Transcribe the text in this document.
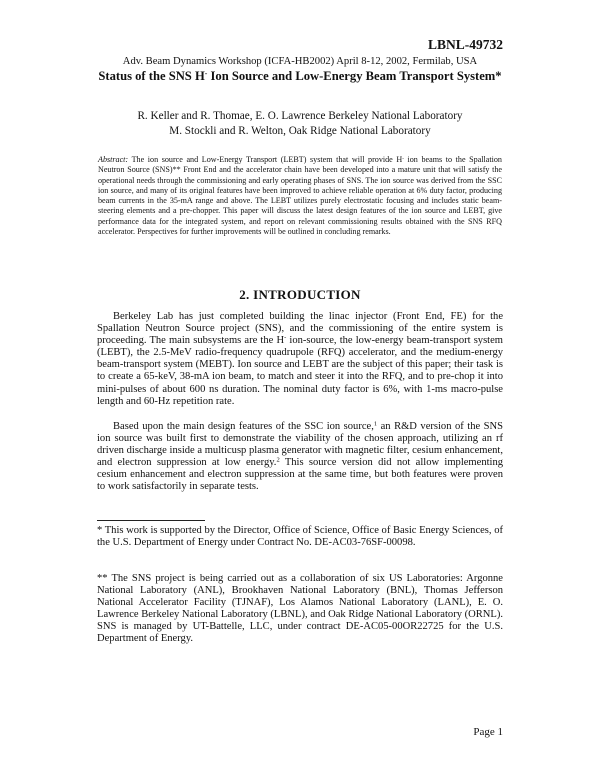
LBNL-49732
Adv. Beam Dynamics Workshop (ICFA-HB2002) April 8-12, 2002, Fermilab, USA
Status of the SNS H- Ion Source and Low-Energy Beam Transport System*
R. Keller and R. Thomae, E. O. Lawrence Berkeley National Laboratory
M. Stockli and R. Welton, Oak Ridge National Laboratory
Abstract: The ion source and Low-Energy Transport (LEBT) system that will provide H- ion beams to the Spallation Neutron Source (SNS)** Front End and the accelerator chain have been developed into a mature unit that will satisfy the operational needs through the commissioning and early operating phases of SNS. The ion source was derived from the SSC ion source, and many of its original features have been improved to achieve reliable operation at 6% duty factor, producing beam currents in the 35-mA range and above. The LEBT utilizes purely electrostatic focusing and includes static beam-steering elements and a pre-chopper. This paper will discuss the latest design features of the ion source and LEBT, give performance data for the integrated system, and report on relevant commissioning results obtained with the SNS RFQ accelerator. Perspectives for further improvements will be outlined in concluding remarks.
2. INTRODUCTION

Berkeley Lab has just completed building the linac injector (Front End, FE) for the Spallation Neutron Source project (SNS), and the commissioning of the entire system is proceeding. The main subsystems are the H- ion-source, the low-energy beam-transport system (LEBT), the 2.5-MeV radio-frequency quadrupole (RFQ) accelerator, and the medium-energy beam-transport system (MEBT). Ion source and LEBT are the subject of this paper; their task is to create a 65-keV, 38-mA ion beam, to match and steer it into the RFQ, and to pre-chop it into mini-pulses of about 600 ns duration. The nominal duty factor is 6%, with 1-ms macro-pulse length and 60-Hz repetition rate.

Based upon the main design features of the SSC ion source,$^1$ an R&D version of the SNS ion source was built first to demonstrate the viability of the chosen approach, utilizing an rf driven discharge inside a multicusp plasma generator with magnetic filter, cesium enhancement, and electron suppression at low energy.$^2$ This source version did not allow implementing cesium enhancement and electron suppression at the same time, but both features were proven to work satisfactorily in separate tests.

* This work is supported by the Director, Office of Science, Office of Basic Energy Sciences, of the U.S. Department of Energy under Contract No. DE-AC03-76SF-00098.

** The SNS project is being carried out as a collaboration of six US Laboratories: Argonne National Laboratory (ANL), Brookhaven National Laboratory (BNL), Thomas Jefferson National Accelerator Facility (TJNAF), Los Alamos National Laboratory (LANL), E. O. Lawrence Berkeley National Laboratory (LBNL), and Oak Ridge National Laboratory (ORNL). SNS is managed by UT-Battelle, LLC, under contract DE-AC05-00OR22725 for the U.S. Department of Energy.

Page 1
